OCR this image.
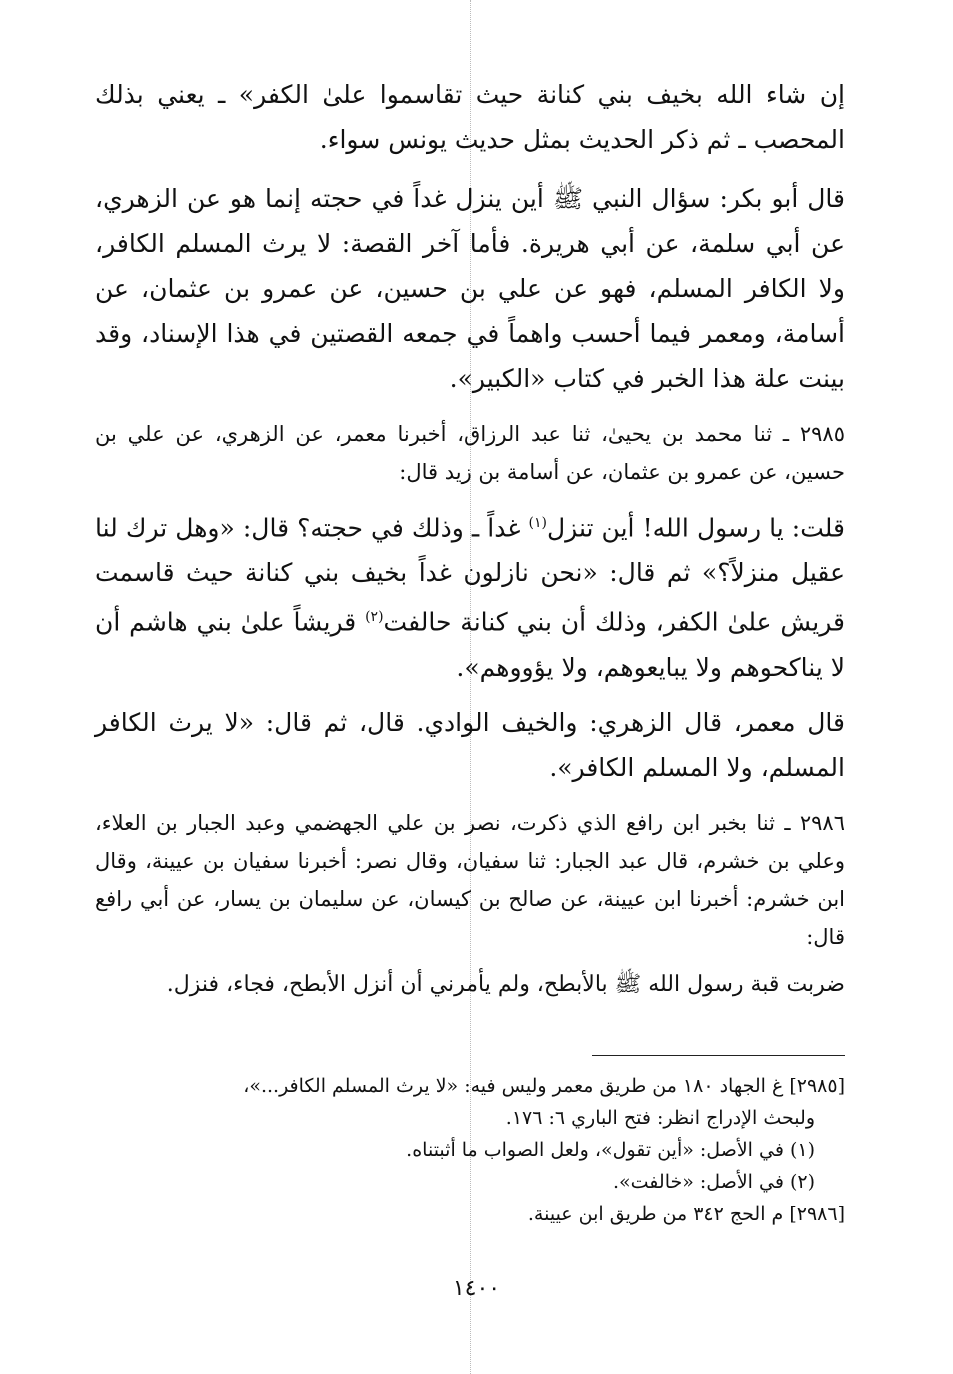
إن شاء الله بخيف بني كنانة حيث تقاسموا علىٰ الكفر» ـ يعني بذلك المحصب ـ ثم ذكر الحديث بمثل حديث يونس سواء.

قال أبو بكر: سؤال النبي ﷺ أين ينزل غداً في حجته إنما هو عن الزهري، عن أبي سلمة، عن أبي هريرة. فأما آخر القصة: لا يرث المسلم الكافر، ولا الكافر المسلم، فهو عن علي بن حسين، عن عمرو بن عثمان، عن أسامة، ومعمر فيما أحسب واهماً في جمعه القصتين في هذا الإسناد، وقد بينت علة هذا الخبر في كتاب «الكبير».

٢٩٨٥ ـ ثنا محمد بن يحيىٰ، ثنا عبد الرزاق، أخبرنا معمر، عن الزهري، عن علي بن حسين، عن عمرو بن عثمان، عن أسامة بن زيد قال:

قلت: يا رسول الله! أين تنزل$^{(١)}$ غداً ـ وذلك في حجته؟ قال: «وهل ترك لنا عقيل منزلاً؟» ثم قال: «نحن نازلون غداً بخيف بني كنانة حيث قاسمت قريش علىٰ الكفر، وذلك أن بني كنانة حالفت$^{(٢)}$ قريشاً علىٰ بني هاشم أن لا يناكحوهم ولا يبايعوهم، ولا يؤووهم».

قال معمر، قال الزهري: والخيف الوادي. قال، ثم قال: «لا يرث الكافر المسلم، ولا المسلم الكافر».

٢٩٨٦ ـ ثنا بخبر ابن رافع الذي ذكرت، نصر بن علي الجهضمي وعبد الجبار بن العلاء، وعلي بن خشرم، قال عبد الجبار: ثنا سفيان، وقال نصر: أخبرنا سفيان بن عيينة، وقال ابن خشرم: أخبرنا ابن عيينة، عن صالح بن كيسان، عن سليمان بن يسار، عن أبي رافع قال:

ضربت قبة رسول الله ﷺ بالأبطح، ولم يأمرني أن أنزل الأبطح، فجاء، فنزل.

[٢٩٨٥] غ الجهاد ١٨٠ من طريق معمر وليس فيه: «لا يرث المسلم الكافر...»،

ولبحث الإدراج انظر: فتح الباري ٦: ١٧٦.

(١) في الأصل: «أين تقول»، ولعل الصواب ما أثبتناه.

(٢) في الأصل: «خالفت».

[٢٩٨٦] م الحج ٣٤٢ من طريق ابن عيينة.

١٤٠٠
